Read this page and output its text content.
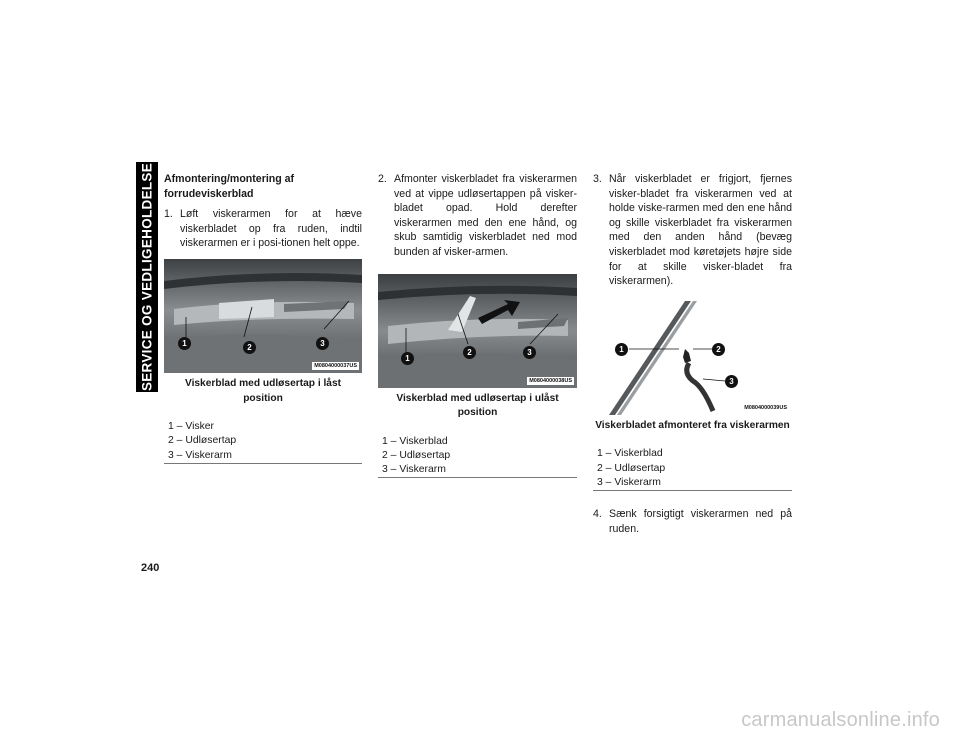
SERVICE OG VEDLIGEHOLDELSE
240
Afmontering/montering af forrudeviskerblad
1. Løft viskerarmen for at hæve viskerbladet op fra ruden, indtil viskerarmen er i posi-tionen helt oppe.
1	2	3
M0804000037US
Viskerblad med udløsertap i låst position
1 – Visker
2 – Udløsertap
3 – Viskerarm
2. Afmonter viskerbladet fra viskerarmen ved at vippe udløsertappen på visker-bladet opad. Hold derefter viskerarmen med den ene hånd, og skub samtidig viskerbladet ned mod bunden af visker-armen.
1
2	3
M0804000038US
Viskerblad med udløsertap i ulåst position
1 – Viskerblad
2 – Udløsertap
3 – Viskerarm
3. Når viskerbladet er frigjort, fjernes visker-bladet fra viskerarmen ved at holde viske-rarmen med den ene hånd og skille viskerbladet fra viskerarmen med den anden hånd (bevæg viskerbladet mod køretøjets højre side for at skille visker-bladet fra viskerarmen).
1	2
3
M0804000039US
Viskerbladet afmonteret fra viskerarmen
1 – Viskerblad
2 – Udløsertap
3 – Viskerarm
4. Sænk forsigtigt viskerarmen ned på ruden.
carmanualsonline.info
